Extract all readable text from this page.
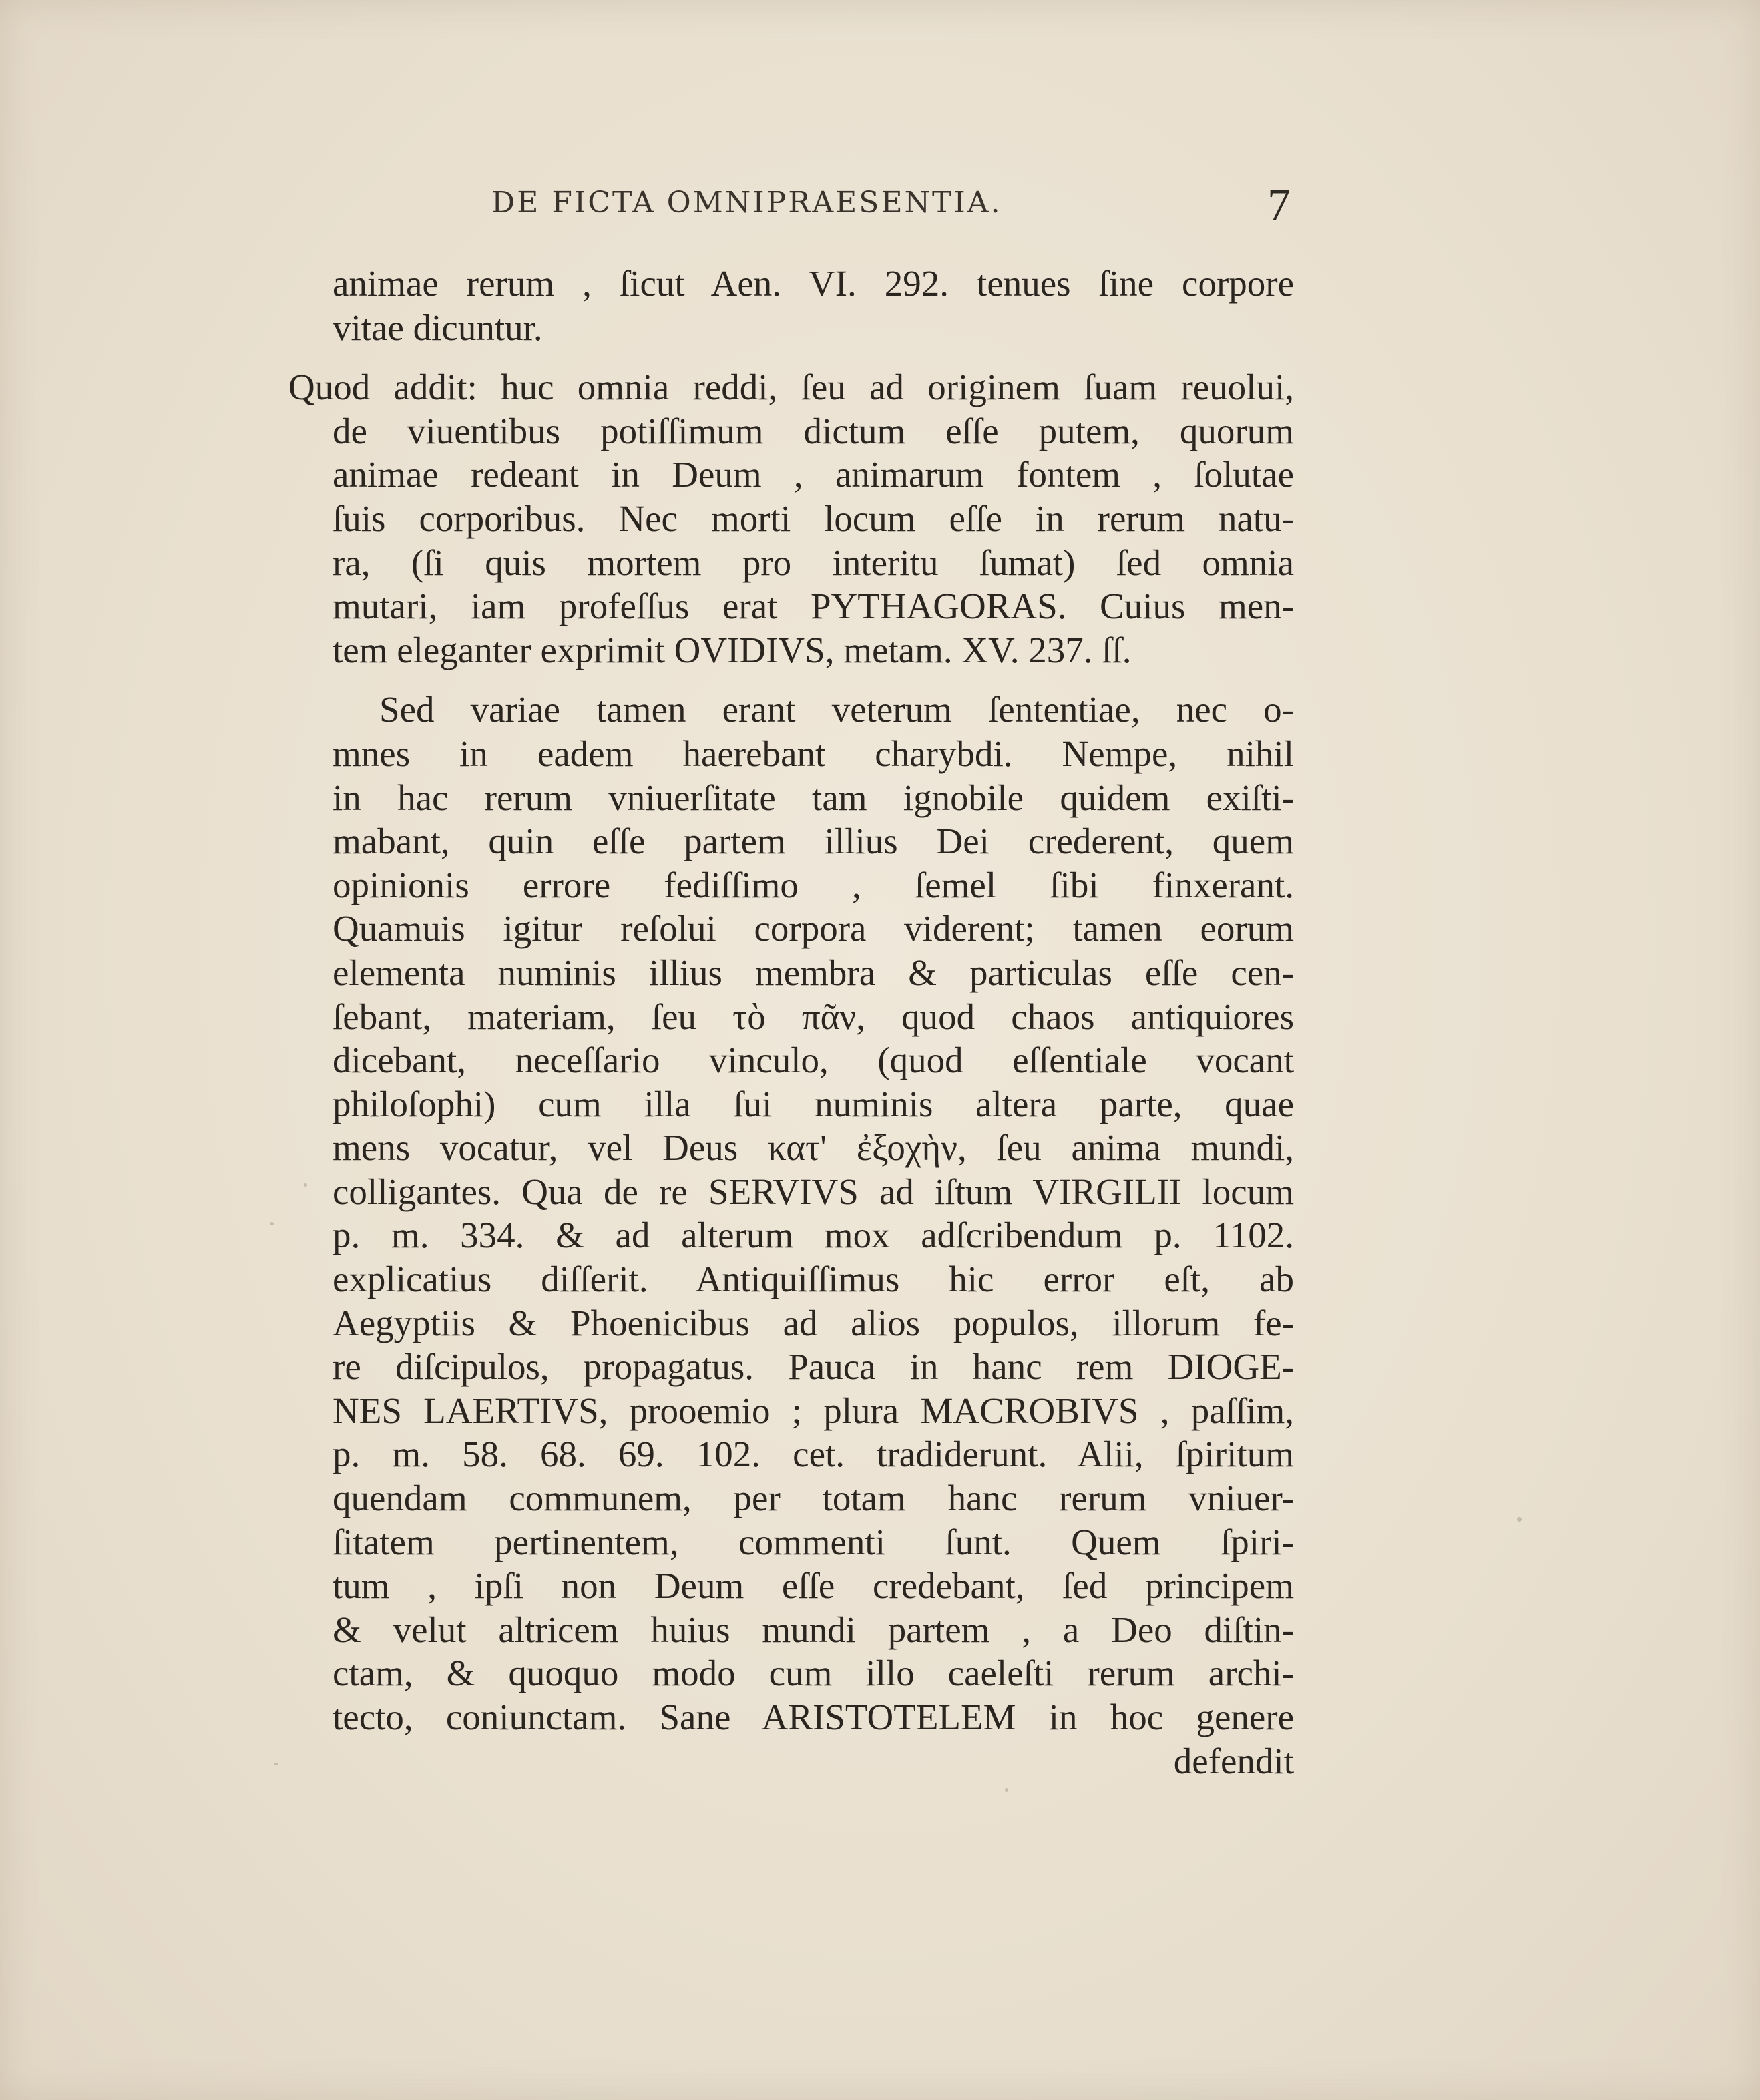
DE FICTA OMNIPRAESENTIA.	7
animae rerum , ſicut Aen. VI. 292. tenues ſine corpore
vitae dicuntur.
Quod addit: huc omnia reddi, ſeu ad originem ſuam reuolui,
de viuentibus potiſſimum dictum eſſe putem, quorum
animae redeant in Deum , animarum fontem , ſolutae
ſuis corporibus. Nec morti locum eſſe in rerum natu-
ra, (ſi quis mortem pro interitu ſumat) ſed omnia
mutari, iam profeſſus erat PYTHAGORAS. Cuius men-
tem eleganter exprimit OVIDIVS, metam. XV. 237. ſſ.
Sed variae tamen erant veterum ſententiae, nec o-
mnes in eadem haerebant charybdi. Nempe, nihil
in hac rerum vniuerſitate tam ignobile quidem exiſti-
mabant, quin eſſe partem illius Dei crederent, quem
opinionis errore fediſſimo , ſemel ſibi finxerant.
Quamuis igitur reſolui corpora viderent; tamen eorum
elementa numinis illius membra & particulas eſſe cen-
ſebant, materiam, ſeu τὸ πᾶν, quod chaos antiquiores
dicebant, neceſſario vinculo, (quod eſſentiale vocant
philoſophi) cum illa ſui numinis altera parte, quae
mens vocatur, vel Deus κατ' ἐξοχὴν, ſeu anima mundi,
colligantes. Qua de re SERVIVS ad iſtum VIRGILII locum
p. m. 334. & ad alterum mox adſcribendum p. 1102.
explicatius diſſerit. Antiquiſſimus hic error eſt, ab
Aegyptiis & Phoenicibus ad alios populos, illorum fe-
re diſcipulos, propagatus. Pauca in hanc rem DIOGE-
NES LAERTIVS, prooemio ; plura MACROBIVS , paſſim,
p. m. 58. 68. 69. 102. cet. tradiderunt. Alii, ſpiritum
quendam communem, per totam hanc rerum vniuer-
ſitatem pertinentem, commenti ſunt. Quem ſpiri-
tum , ipſi non Deum eſſe credebant, ſed principem
& velut altricem huius mundi partem , a Deo diſtin-
ctam, & quoquo modo cum illo caeleſti rerum archi-
tecto, coniunctam. Sane ARISTOTELEM in hoc genere
defendit
